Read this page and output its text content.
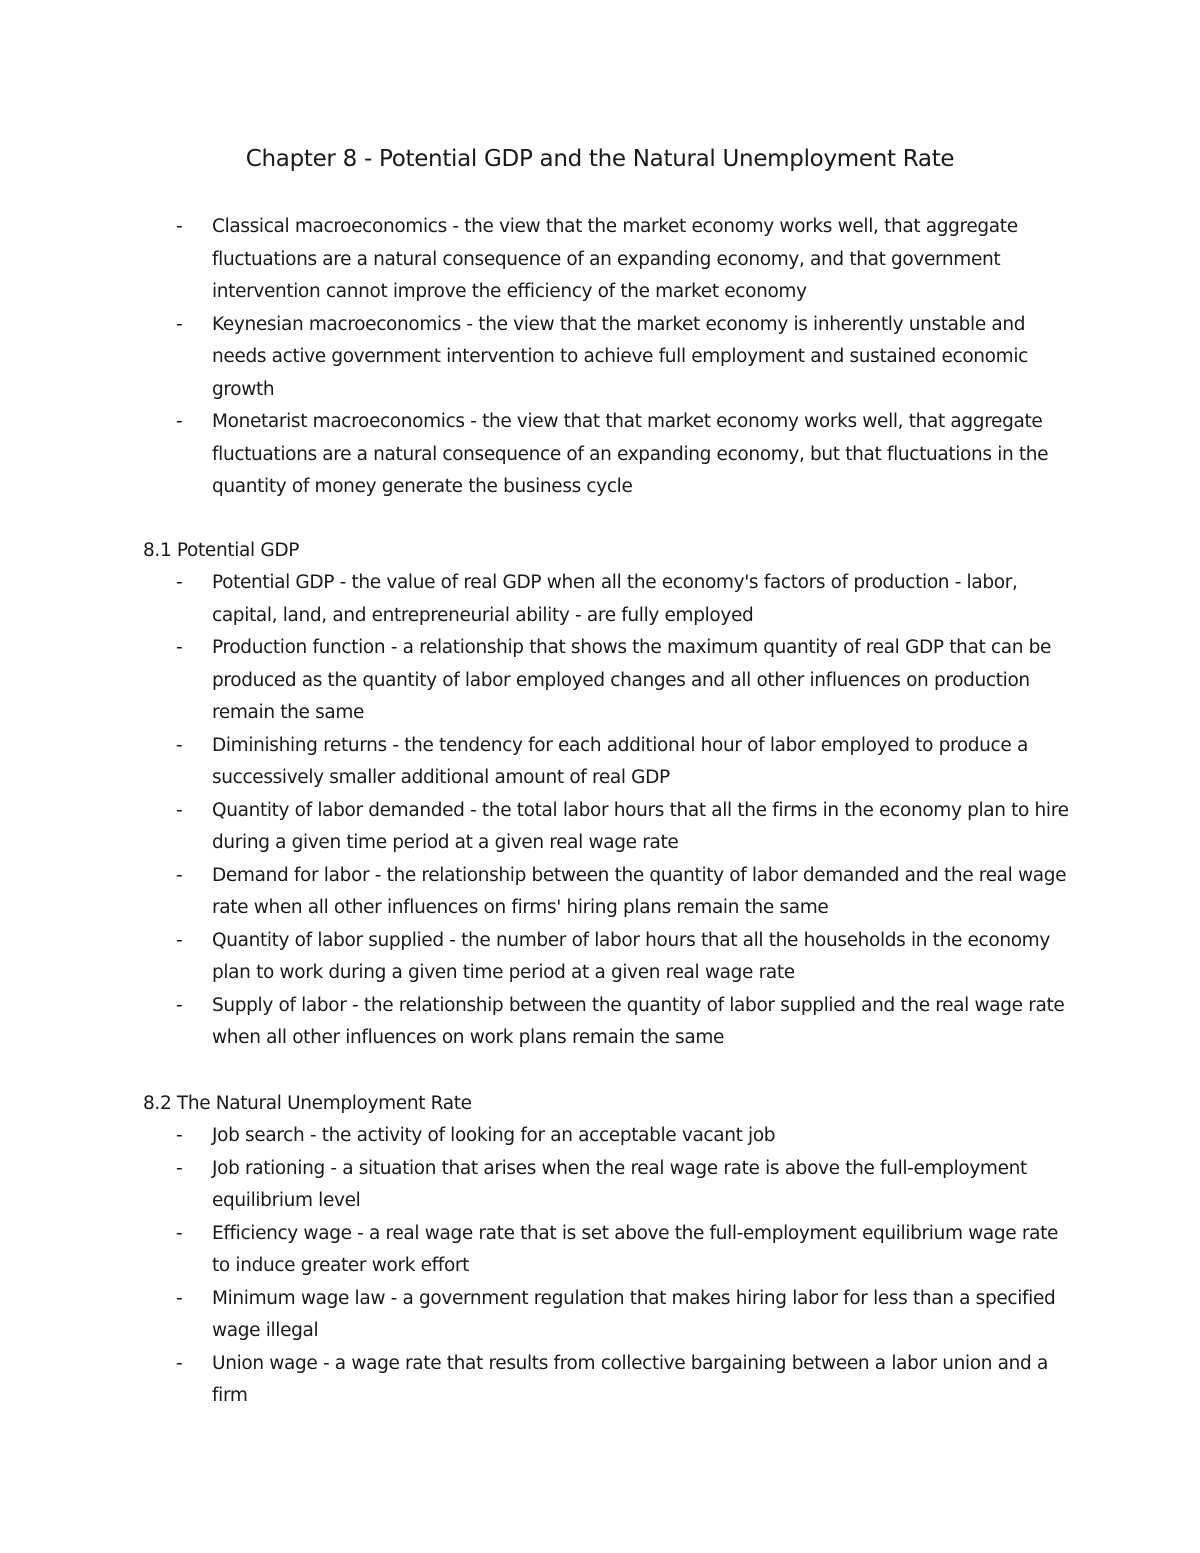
Chapter 8 - Potential GDP and the Natural Unemployment Rate
- Classical macroeconomics - the view that the market economy works well, that aggregate fluctuations are a natural consequence of an expanding economy, and that government intervention cannot improve the efficiency of the market economy
- Keynesian macroeconomics - the view that the market economy is inherently unstable and needs active government intervention to achieve full employment and sustained economic growth
- Monetarist macroeconomics - the view that that market economy works well, that aggregate fluctuations are a natural consequence of an expanding economy, but that fluctuations in the quantity of money generate the business cycle
8.1 Potential GDP
- Potential GDP - the value of real GDP when all the economy's factors of production - labor, capital, land, and entrepreneurial ability - are fully employed
- Production function - a relationship that shows the maximum quantity of real GDP that can be produced as the quantity of labor employed changes and all other influences on production remain the same
- Diminishing returns - the tendency for each additional hour of labor employed to produce a successively smaller additional amount of real GDP
- Quantity of labor demanded - the total labor hours that all the firms in the economy plan to hire during a given time period at a given real wage rate
- Demand for labor - the relationship between the quantity of labor demanded and the real wage rate when all other influences on firms' hiring plans remain the same
- Quantity of labor supplied - the number of labor hours that all the households in the economy plan to work during a given time period at a given real wage rate
- Supply of labor - the relationship between the quantity of labor supplied and the real wage rate when all other influences on work plans remain the same
8.2 The Natural Unemployment Rate
- Job search - the activity of looking for an acceptable vacant job
- Job rationing - a situation that arises when the real wage rate is above the full-employment equilibrium level
- Efficiency wage - a real wage rate that is set above the full-employment equilibrium wage rate to induce greater work effort
- Minimum wage law - a government regulation that makes hiring labor for less than a specified wage illegal
- Union wage - a wage rate that results from collective bargaining between a labor union and a firm
